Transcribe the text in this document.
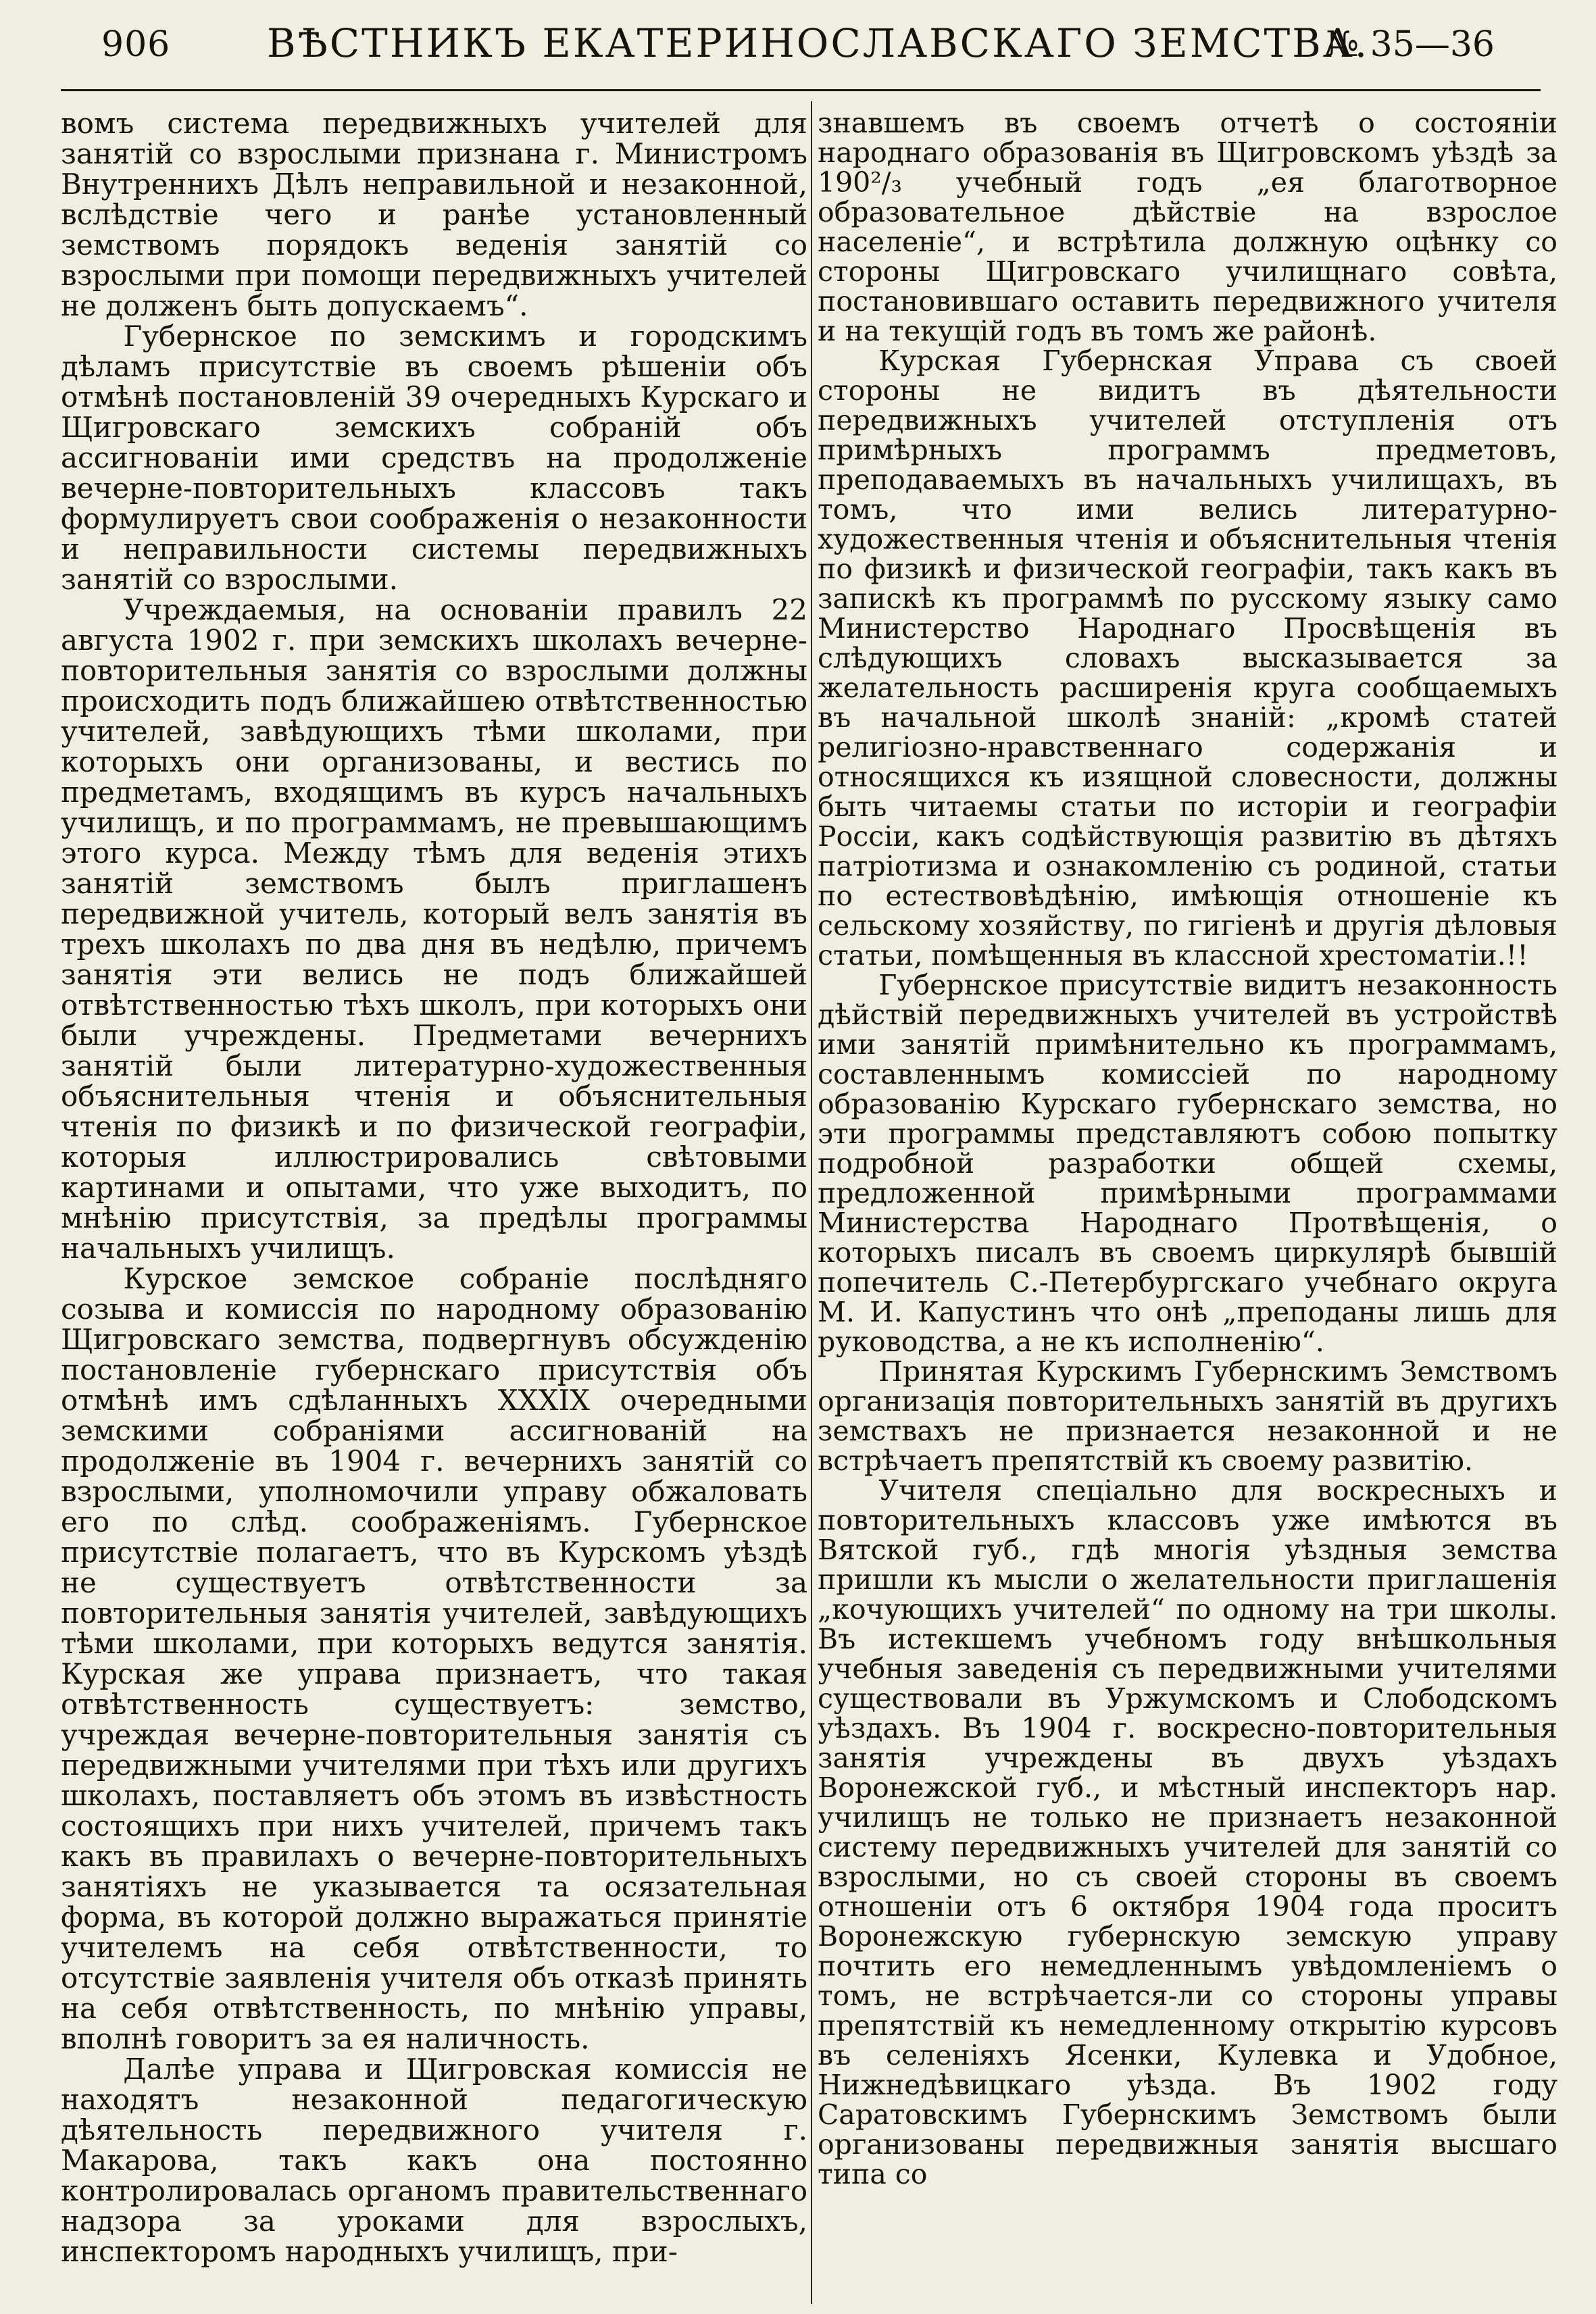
906 ВѢСТНИКЪ ЕКАТЕРИНОСЛАВСКАГО ЗЕМСТВА.
№ 35—36

вомъ система передвижныхъ учителей для занятій со взрослыми признана г. Министромъ Внутреннихъ Дѣлъ неправильной и незаконной, вслѣдствіе чего и ранѣе установленный земствомъ порядокъ веденія занятій со взрослыми при помощи передвижныхъ учителей не долженъ быть допускаемъ“.

Губернское по земскимъ и городскимъ дѣламъ присутствіе въ своемъ рѣшеніи объ отмѣнѣ постановленій 39 очередныхъ Курскаго и Щигровскаго земскихъ собраній объ ассигнованіи ими средствъ на продолженіе вечерне-повторительныхъ классовъ такъ формулируетъ свои соображенія о незаконности и неправильности системы передвижныхъ занятій со взрослыми.

Учреждаемыя, на основаніи правилъ 22 августа 1902 г. при земскихъ школахъ вечерне-повторительныя занятія со взрослыми должны происходить подъ ближайшею отвѣтственностью учителей, завѣдующихъ тѣми школами, при которыхъ они организованы, и вестись по предметамъ, входящимъ въ курсъ начальныхъ училищъ, и по программамъ, не превышающимъ этого курса. Между тѣмъ для веденія этихъ занятій земствомъ былъ приглашенъ передвижной учитель, который велъ занятія въ трехъ школахъ по два дня въ недѣлю, причемъ занятія эти велись не подъ ближайшей отвѣтственностью тѣхъ школъ, при которыхъ они были учреждены. Предметами вечернихъ занятій были литературно-художественныя объяснительныя чтенія и объяснительныя чтенія по физикѣ и по физической географіи, которыя иллюстрировались свѣтовыми картинами и опытами, что уже выходитъ, по мнѣнію присутствія, за предѣлы программы начальныхъ училищъ.

Курское земское собраніе послѣдняго созыва и комиссія по народному образованію Щигровскаго земства, подвергнувъ обсужденію постановленіе губернскаго присутствія объ отмѣнѣ имъ сдѣланныхъ XXXIX очередными земскими собраніями ассигнованій на продолженіе въ 1904 г. вечернихъ занятій со взрослыми, уполномочили управу обжаловать его по слѣд. соображеніямъ. Губернское присутствіе полагаетъ, что въ Курскомъ уѣздѣ не существуетъ отвѣтственности за повторительныя занятія учителей, завѣдующихъ тѣми школами, при которыхъ ведутся занятія. Курская же управа признаетъ, что такая отвѣтственность существуетъ: земство, учреждая вечерне-повторительныя занятія съ передвижными учителями при тѣхъ или другихъ школахъ, поставляетъ объ этомъ въ извѣстность состоящихъ при нихъ учителей, причемъ такъ какъ въ правилахъ о вечерне-повторительныхъ занятіяхъ не указывается та осязательная форма, въ которой должно выражаться принятіе учителемъ на себя отвѣтственности, то отсутствіе заявленія учителя объ отказѣ принять на себя отвѣтственность, по мнѣнію управы, вполнѣ говоритъ за ея наличность.

Далѣе управа и Щигровская комиссія не находятъ незаконной педагогическую дѣятельность передвижного учителя г. Макарова, такъ какъ она постоянно контролировалась органомъ правительственнаго надзора за уроками для взрослыхъ, инспекторомъ народныхъ училищъ, при-

знавшемъ въ своемъ отчетѣ о состояніи народнаго образованія въ Щигровскомъ уѣздѣ за 190²/₃ учебный годъ „ея благотворное образовательное дѣйствіе на взрослое населеніе“, и встрѣтила должную оцѣнку со стороны Щигровскаго училищнаго совѣта, постановившаго оставить передвижного учителя и на текущій годъ въ томъ же районѣ.

Курская Губернская Управа съ своей стороны не видитъ въ дѣятельности передвижныхъ учителей отступленія отъ примѣрныхъ программъ предметовъ, преподаваемыхъ въ начальныхъ училищахъ, въ томъ, что ими велись литературно-художественныя чтенія и объяснительныя чтенія по физикѣ и физической географіи, такъ какъ въ запискѣ къ программѣ по русскому языку само Министерство Народнаго Просвѣщенія въ слѣдующихъ словахъ высказывается за желательность расширенія круга сообщаемыхъ въ начальной школѣ знаній: „кромѣ статей религіозно-нравственнаго содержанія и относящихся къ изящной словесности, должны быть читаемы статьи по исторіи и географіи Россіи, какъ содѣйствующія развитію въ дѣтяхъ патріотизма и ознакомленію съ родиной, статьи по естествовѣдѣнію, имѣющія отношеніе къ сельскому хозяйству, по гигіенѣ и другія дѣловыя статьи, помѣщенныя въ классной хрестоматіи.!!

Губернское присутствіе видитъ незаконность дѣйствій передвижныхъ учителей въ устройствѣ ими занятій примѣнительно къ программамъ, составленнымъ комиссіей по народному образованію Курскаго губернскаго земства, но эти программы представляютъ собою попытку подробной разработки общей схемы, предложенной примѣрными программами Министерства Народнаго Протвѣщенія, о которыхъ писалъ въ своемъ циркулярѣ бывшій попечитель С.-Петербургскаго учебнаго округа М. И. Капустинъ что онѣ „преподаны лишь для руководства, а не къ исполненію“.

Принятая Курскимъ Губернскимъ Земствомъ организація повторительныхъ занятій въ другихъ земствахъ не признается незаконной и не встрѣчаетъ препятствій къ своему развитію.

Учителя спеціально для воскресныхъ и повторительныхъ классовъ уже имѣются въ Вятской губ., гдѣ многія уѣздныя земства пришли къ мысли о желательности приглашенія „кочующихъ учителей“ по одному на три школы. Въ истекшемъ учебномъ году внѣшкольныя учебныя заведенія съ передвижными учителями существовали въ Уржумскомъ и Слободскомъ уѣздахъ. Въ 1904 г. воскресно-повторительныя занятія учреждены въ двухъ уѣздахъ Воронежской губ., и мѣстный инспекторъ нар. училищъ не только не признаетъ незаконной систему передвижныхъ учителей для занятій со взрослыми, но съ своей стороны въ своемъ отношеніи отъ 6 октября 1904 года проситъ Воронежскую губернскую земскую управу почтить его немедленнымъ увѣдомленіемъ о томъ, не встрѣчается-ли со стороны управы препятствій къ немедленному открытію курсовъ въ селеніяхъ Ясенки, Кулевка и Удобное, Нижнедѣвицкаго уѣзда. Въ 1902 году Саратовскимъ Губернскимъ Земствомъ были организованы передвижныя занятія высшаго типа со
